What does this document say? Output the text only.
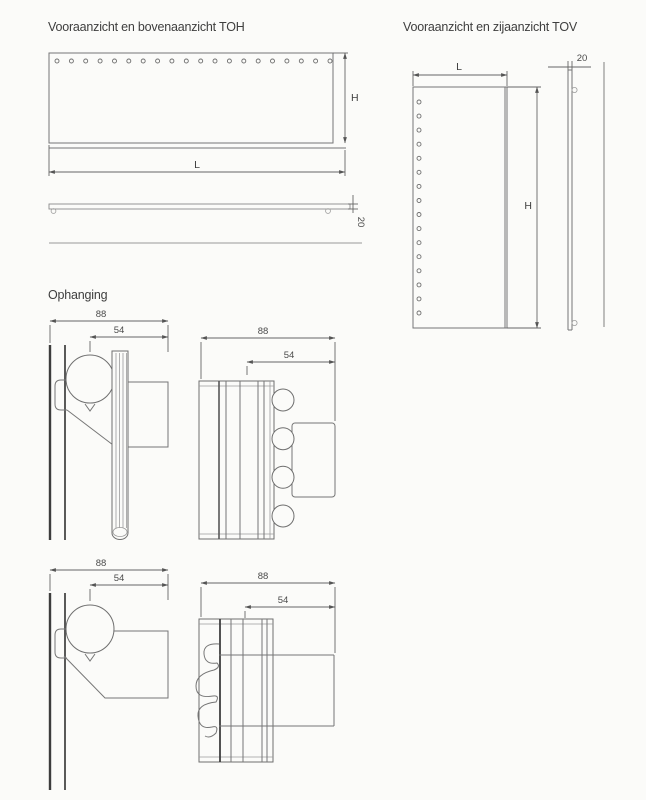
Vooraanzicht en bovenaanzicht TOH
H
L
20
Vooraanzicht en zijaanzicht TOV
L
H
20
Ophanging
88
54	88
54
88
54	88
54
